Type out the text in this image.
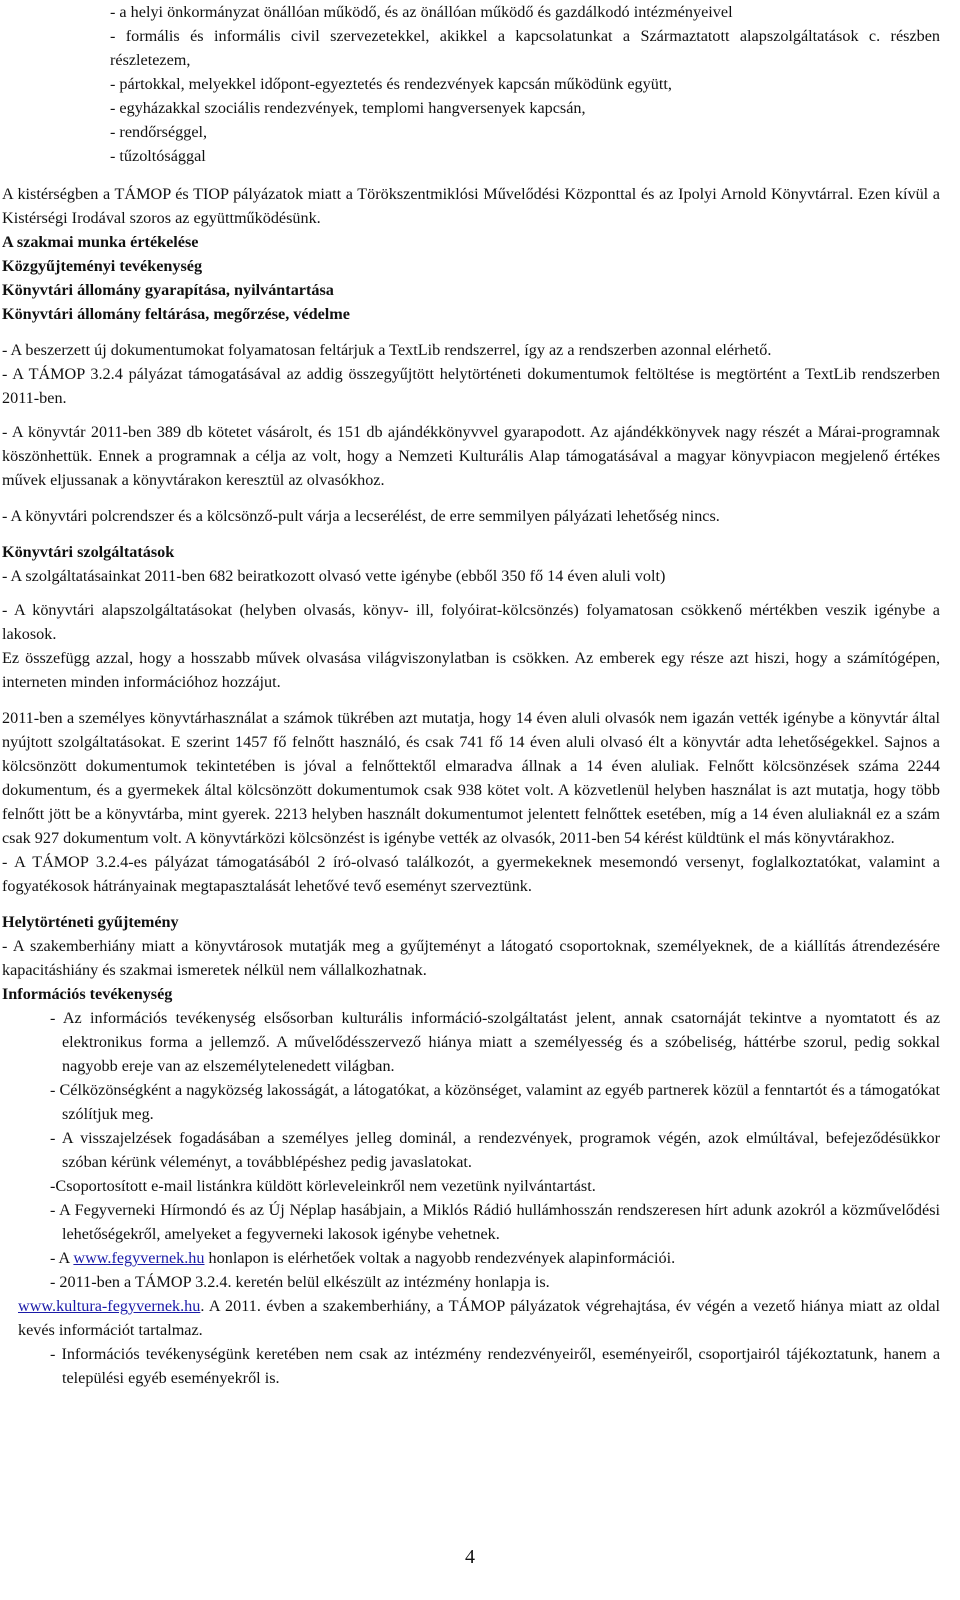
- a helyi önkormányzat önállóan működő, és az önállóan működő és gazdálkodó intézményeivel

- formális és informális civil szervezetekkel, akikkel a kapcsolatunkat a Származtatott alapszolgáltatások c. részben részletezem,

- pártokkal, melyekkel időpont-egyeztetés és rendezvények kapcsán működünk együtt,

- egyházakkal szociális rendezvények, templomi hangversenyek kapcsán,

- rendőrséggel,

- tűzoltósággal

A kistérségben a TÁMOP és TIOP pályázatok miatt a Törökszentmiklósi Művelődési Központtal és az Ipolyi Arnold Könyvtárral. Ezen kívül a Kistérségi Irodával szoros az együttműködésünk.

A szakmai munka értékelése

Közgyűjteményi tevékenység

Könyvtári állomány gyarapítása, nyilvántartása

Könyvtári állomány feltárása, megőrzése, védelme

- A beszerzett új dokumentumokat folyamatosan feltárjuk a TextLib rendszerrel, így az a rendszerben azonnal elérhető.

- A TÁMOP 3.2.4 pályázat támogatásával az addig összegyűjtött helytörténeti dokumentumok feltöltése is megtörtént a TextLib rendszerben 2011-ben.

- A könyvtár 2011-ben 389 db kötetet vásárolt, és 151 db ajándékkönyvvel gyarapodott. Az ajándékkönyvek nagy részét a Márai-programnak köszönhettük. Ennek a programnak a célja az volt, hogy a Nemzeti Kulturális Alap támogatásával a magyar könyvpiacon megjelenő értékes művek eljussanak a könyvtárakon keresztül az olvasókhoz.

- A könyvtári polcrendszer és a kölcsönző-pult várja a lecserélést, de erre semmilyen pályázati lehetőség nincs.

Könyvtári szolgáltatások

- A szolgáltatásainkat 2011-ben 682 beiratkozott olvasó vette igénybe (ebből 350 fő 14 éven aluli volt)

- A könyvtári alapszolgáltatásokat (helyben olvasás, könyv- ill, folyóirat-kölcsönzés) folyamatosan csökkenő mértékben veszik igénybe a lakosok.

Ez összefügg azzal, hogy a hosszabb művek olvasása világviszonylatban is csökken. Az emberek egy része azt hiszi, hogy a számítógépen, interneten minden információhoz hozzájut.

2011-ben a személyes könyvtárhasználat a számok tükrében azt mutatja, hogy 14 éven aluli olvasók nem igazán vették igénybe a könyvtár által nyújtott szolgáltatásokat. E szerint 1457 fő felnőtt használó, és csak 741 fő 14 éven aluli olvasó élt a könyvtár adta lehetőségekkel. Sajnos a kölcsönzött dokumentumok tekintetében is jóval a felnőttektől elmaradva állnak a 14 éven aluliak. Felnőtt kölcsönzések száma 2244 dokumentum, és a gyermekek által kölcsönzött dokumentumok csak 938 kötet volt. A közvetlenül helyben használat is azt mutatja, hogy több felnőtt jött be a könyvtárba, mint gyerek. 2213 helyben használt dokumentumot jelentett felnőttek esetében, míg a 14 éven aluliaknál ez a szám csak 927 dokumentum volt. A könyvtárközi kölcsönzést is igénybe vették az olvasók, 2011-ben 54 kérést küldtünk el más könyvtárakhoz.

- A TÁMOP 3.2.4-es pályázat támogatásából 2 író-olvasó találkozót, a gyermekeknek mesemondó versenyt, foglalkoztatókat, valamint a fogyatékosok hátrányainak megtapasztalását lehetővé tevő eseményt szerveztünk.

Helytörténeti gyűjtemény

- A szakemberhiány miatt a könyvtárosok mutatják meg a gyűjteményt a látogató csoportoknak, személyeknek, de a kiállítás átrendezésére kapacitáshiány és szakmai ismeretek nélkül nem vállalkozhatnak.

Információs tevékenység

- Az információs tevékenység elsősorban kulturális információ-szolgáltatást jelent, annak csatornáját tekintve a nyomtatott és az elektronikus forma a jellemző. A művelődésszervező hiánya miatt a személyesség és a szóbeliség, háttérbe szorul, pedig sokkal nagyobb ereje van az elszemélytelenedett világban.

- Célközönségként a nagyközség lakosságát, a látogatókat, a közönséget, valamint az egyéb partnerek közül a fenntartót és a támogatókat szólítjuk meg.

- A visszajelzések fogadásában a személyes jelleg dominál, a rendezvények, programok végén, azok elmúltával, befejeződésükkor szóban kérünk véleményt, a továbblépéshez pedig javaslatokat.

-Csoportosított e-mail listánkra küldött körleveleinkről nem vezetünk nyilvántartást.

- A Fegyverneki Hírmondó és az Új Néplap hasábjain, a Miklós Rádió hullámhosszán rendszeresen hírt adunk azokról a közművelődési lehetőségekről, amelyeket a fegyverneki lakosok igénybe vehetnek.

- A www.fegyvernek.hu honlapon is elérhetőek voltak a nagyobb rendezvények alapinformációi.

- 2011-ben a TÁMOP 3.2.4. keretén belül elkészült az intézmény honlapja is.

www.kultura-fegyvernek.hu. A 2011. évben a szakemberhiány, a TÁMOP pályázatok végrehajtása, év végén a vezető hiánya miatt az oldal kevés információt tartalmaz.

- Információs tevékenységünk keretében nem csak az intézmény rendezvényeiről, eseményeiről, csoportjairól tájékoztatunk, hanem a települési egyéb eseményekről is.

4
